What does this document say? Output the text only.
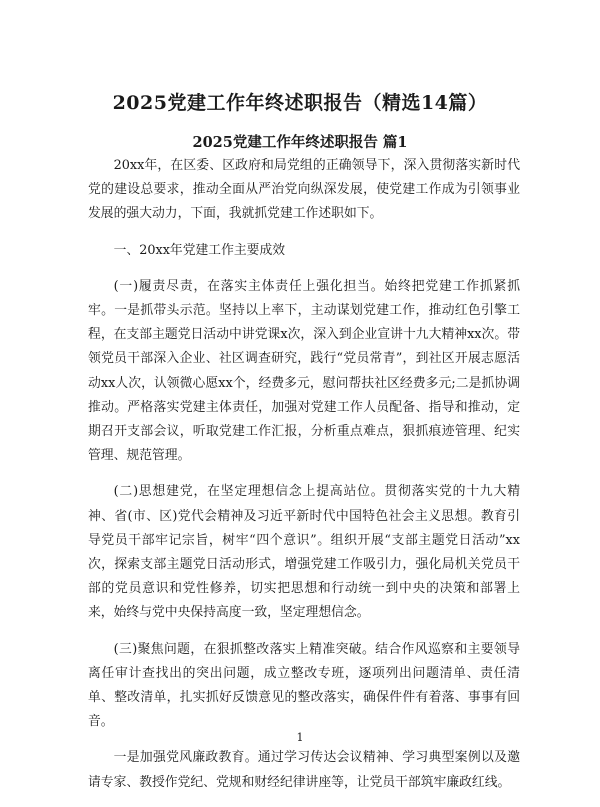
2025党建工作年终述职报告（精选14篇）
2025党建工作年终述职报告 篇1

20xx年，在区委、区政府和局党组的正确领导下，深入贯彻落实新时代党的建设总要求，推动全面从严治党向纵深发展，使党建工作成为引领事业发展的强大动力，下面，我就抓党建工作述职如下。

一、20xx年党建工作主要成效

(一)履责尽责，在落实主体责任上强化担当。始终把党建工作抓紧抓牢。一是抓带头示范。坚持以上率下，主动谋划党建工作，推动红色引擎工程，在支部主题党日活动中讲党课x次，深入到企业宣讲十九大精神xx次。带领党员干部深入企业、社区调查研究，践行“党员常青”，到社区开展志愿活动xx人次，认领微心愿xx个，经费多元，慰问帮扶社区经费多元;二是抓协调推动。严格落实党建主体责任，加强对党建工作人员配备、指导和推动，定期召开支部会议，听取党建工作汇报，分析重点难点，狠抓痕迹管理、纪实管理、规范管理。

(二)思想建党，在坚定理想信念上提高站位。贯彻落实党的十九大精神、省(市、区)党代会精神及习近平新时代中国特色社会主义思想。教育引导党员干部牢记宗旨，树牢“四个意识”。组织开展“支部主题党日活动”xx次，探索支部主题党日活动形式，增强党建工作吸引力，强化局机关党员干部的党员意识和党性修养，切实把思想和行动统一到中央的决策和部署上来，始终与党中央保持高度一致，坚定理想信念。

(三)聚焦问题，在狠抓整改落实上精准突破。结合作风巡察和主要领导离任审计查找出的突出问题，成立整改专班，逐项列出问题清单、责任清单、整改清单，扎实抓好反馈意见的整改落实，确保件件有着落、事事有回音。

一是加强党风廉政教育。通过学习传达会议精神、学习典型案例以及邀请专家、教授作党纪、党规和财经纪律讲座等，让党员干部筑牢廉政红线。

1
